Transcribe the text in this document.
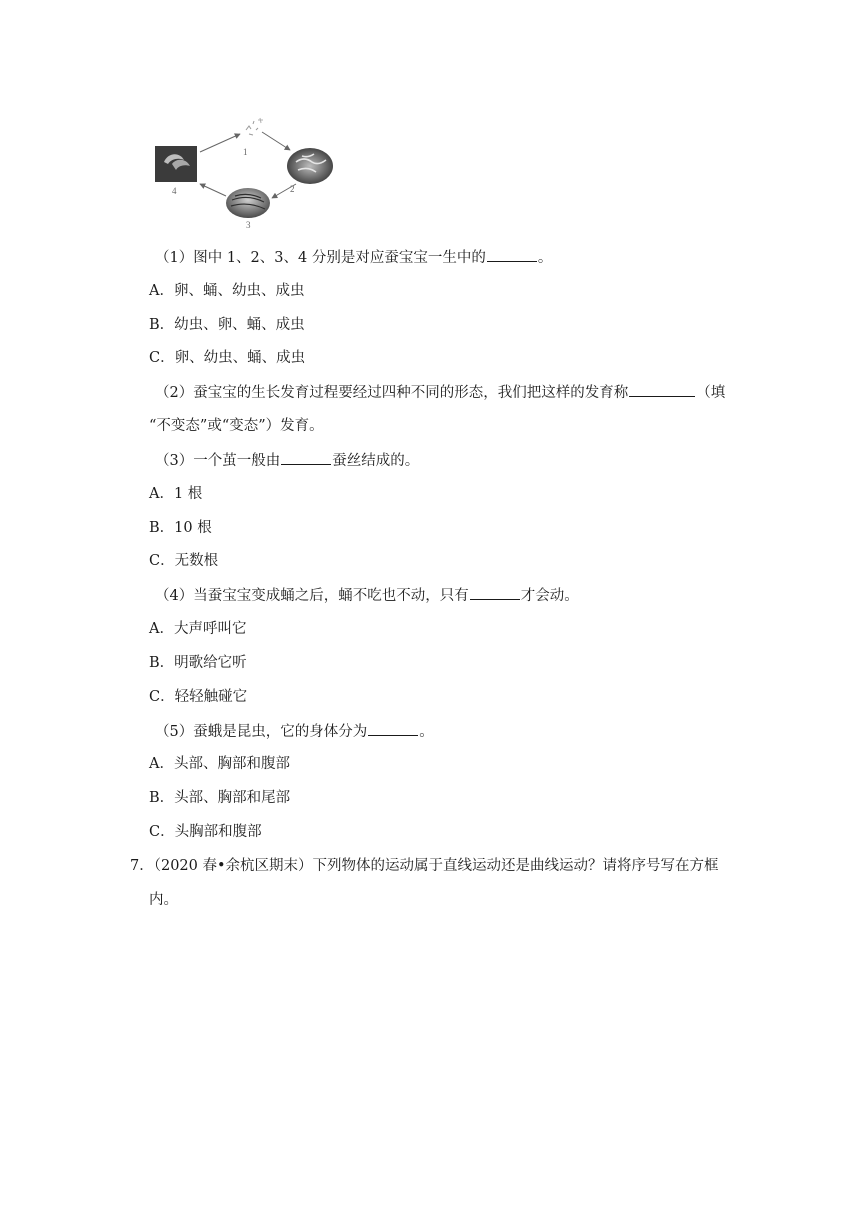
1
2
3
4
（1）图中 1、2、3、4 分别是对应蚕宝宝一生中的	。
A．卵、蛹、幼虫、成虫
B．幼虫、卵、蛹、成虫
C．卵、幼虫、蛹、成虫
（2）蚕宝宝的生长发育过程要经过四种不同的形态，我们把这样的发育称	（填
“不变态”或“变态”）发育。
（3）一个茧一般由	蚕丝结成的。
A．1 根
B．10 根
C．无数根
（4）当蚕宝宝变成蛹之后，蛹不吃也不动，只有	才会动。
A．大声呼叫它
B．明歌给它听
C．轻轻触碰它
（5）蚕蛾是昆虫，它的身体分为	。
A．头部、胸部和腹部
B．头部、胸部和尾部
C．头胸部和腹部
7．（2020 春•余杭区期末）下列物体的运动属于直线运动还是曲线运动？请将序号写在方框
内。
